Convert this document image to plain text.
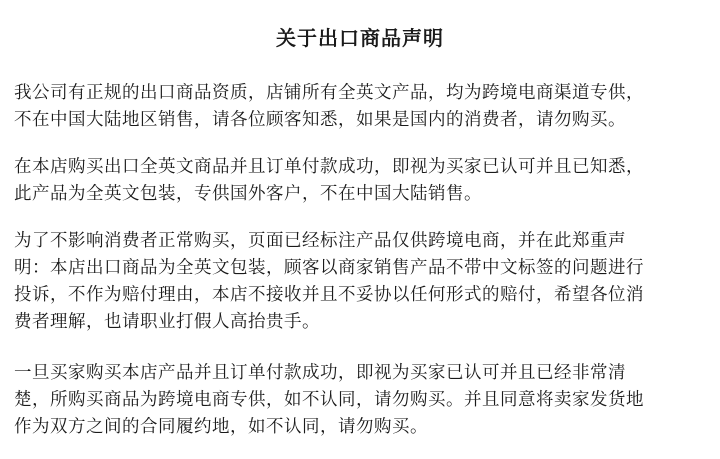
关于出口商品声明

我公司有正规的出口商品资质，店铺所有全英文产品，均为跨境电商渠道专供，
不在中国大陆地区销售，请各位顾客知悉，如果是国内的消费者，请勿购买。

在本店购买出口全英文商品并且订单付款成功，即视为买家已认可并且已知悉，
此产品为全英文包装，专供国外客户，不在中国大陆销售。

为了不影响消费者正常购买，页面已经标注产品仅供跨境电商，并在此郑重声
明：本店出口商品为全英文包装，顾客以商家销售产品不带中文标签的问题进行
投诉，不作为赔付理由，本店不接收并且不妥协以任何形式的赔付，希望各位消
费者理解，也请职业打假人高抬贵手。

一旦买家购买本店产品并且订单付款成功，即视为买家已认可并且已经非常清
楚，所购买商品为跨境电商专供，如不认同，请勿购买。并且同意将卖家发货地
作为双方之间的合同履约地，如不认同，请勿购买。
